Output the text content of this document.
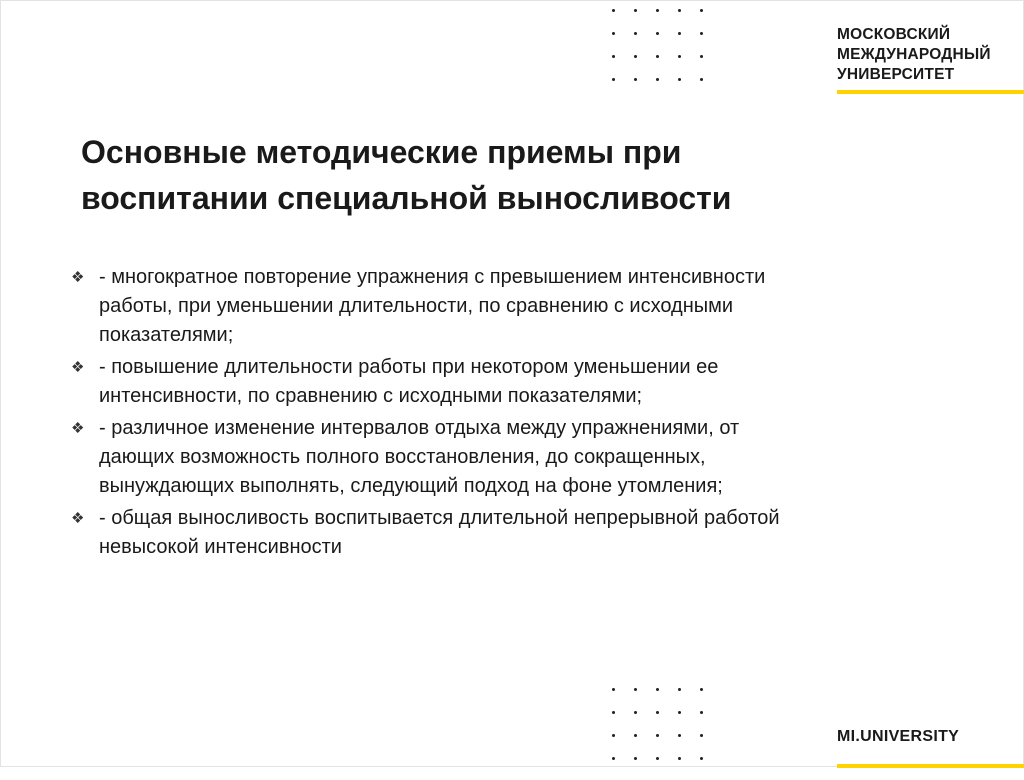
МОСКОВСКИЙ
МЕЖДУНАРОДНЫЙ
УНИВЕРСИТЕТ
Основные методические приемы при
воспитании специальной выносливости
❖ - многократное повторение упражнения с превышением интенсивности
работы, при уменьшении длительности, по сравнению с исходными
показателями;
❖ - повышение длительности работы при некотором уменьшении ее
интенсивности, по сравнению с исходными показателями;
❖ - различное изменение интервалов отдыха между упражнениями, от
дающих возможность полного восстановления, до сокращенных,
вынуждающих выполнять, следующий подход на фоне утомления;
❖ - общая выносливость воспитывается длительной непрерывной работой
невысокой интенсивности
MI.UNIVERSITY
